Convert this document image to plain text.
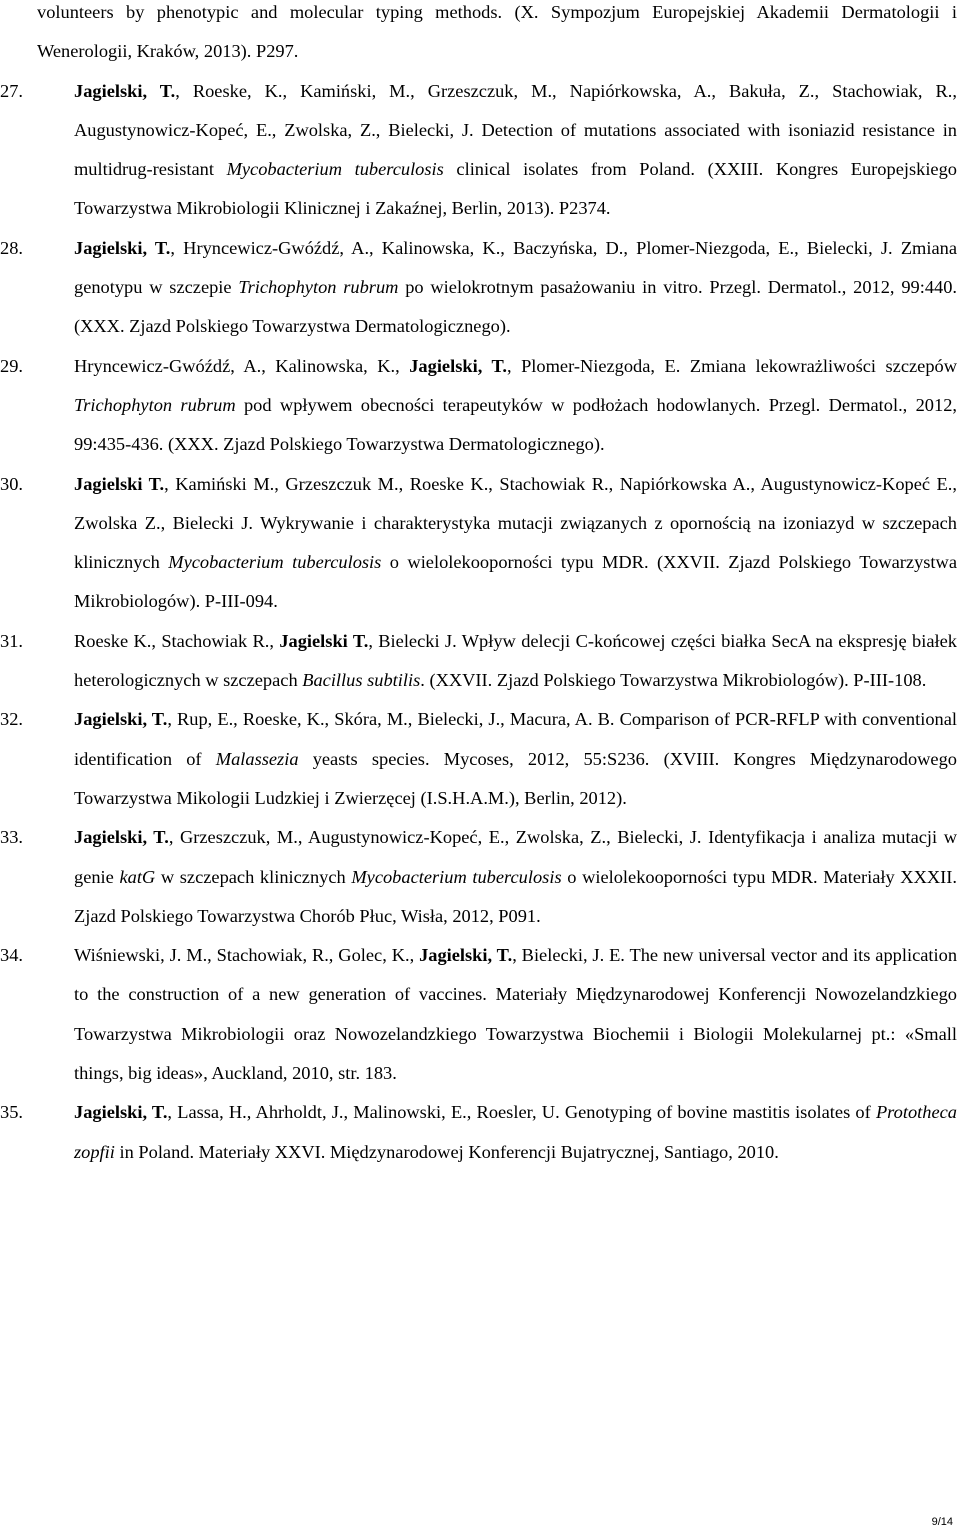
volunteers by phenotypic and molecular typing methods. (X. Sympozjum Europejskiej Akademii Dermatologii i Wenerologii, Kraków, 2013). P297.

27.	Jagielski, T., Roeske, K., Kamiński, M., Grzeszczuk, M., Napiórkowska, A., Bakuła, Z., Stachowiak, R., Augustynowicz-Kopeć, E., Zwolska, Z., Bielecki, J. Detection of mutations associated with isoniazid resistance in multidrug-resistant Mycobacterium tuberculosis clinical isolates from Poland. (XXIII. Kongres Europejskiego Towarzystwa Mikrobiologii Klinicznej i Zakaźnej, Berlin, 2013). P2374.
28.	Jagielski, T., Hryncewicz-Gwóźdź, A., Kalinowska, K., Baczyńska, D., Plomer-Niezgoda, E., Bielecki, J. Zmiana genotypu w szczepie Trichophyton rubrum po wielokrotnym pasażowaniu in vitro. Przegl. Dermatol., 2012, 99:440. (XXX. Zjazd Polskiego Towarzystwa Dermatologicznego).
29.	Hryncewicz-Gwóźdź, A., Kalinowska, K., Jagielski, T., Plomer-Niezgoda, E. Zmiana lekowrażliwości szczepów Trichophyton rubrum pod wpływem obecności terapeutyków w podłożach hodowlanych. Przegl. Dermatol., 2012, 99:435-436. (XXX. Zjazd Polskiego Towarzystwa Dermatologicznego).
30.	Jagielski T., Kamiński M., Grzeszczuk M., Roeske K., Stachowiak R., Napiórkowska A., Augustynowicz-Kopeć E., Zwolska Z., Bielecki J. Wykrywanie i charakterystyka mutacji związanych z opornością na izoniazyd w szczepach klinicznych Mycobacterium tuberculosis o wielolekooporności typu MDR. (XXVII. Zjazd Polskiego Towarzystwa Mikrobiologów). P-III-094.
31.	Roeske K., Stachowiak R., Jagielski T., Bielecki J. Wpływ delecji C-końcowej części białka SecA na ekspresję białek heterologicznych w szczepach Bacillus subtilis. (XXVII. Zjazd Polskiego Towarzystwa Mikrobiologów). P-III-108.
32.	Jagielski, T., Rup, E., Roeske, K., Skóra, M., Bielecki, J., Macura, A. B. Comparison of PCR-RFLP with conventional identification of Malassezia yeasts species. Mycoses, 2012, 55:S236. (XVIII. Kongres Międzynarodowego Towarzystwa Mikologii Ludzkiej i Zwierzęcej (I.S.H.A.M.), Berlin, 2012).
33.	Jagielski, T., Grzeszczuk, M., Augustynowicz-Kopeć, E., Zwolska, Z., Bielecki, J. Identyfikacja i analiza mutacji w genie katG w szczepach klinicznych Mycobacterium tuberculosis o wielolekooporności typu MDR. Materiały XXXII. Zjazd Polskiego Towarzystwa Chorób Płuc, Wisła, 2012, P091.
34.	Wiśniewski, J. M., Stachowiak, R., Golec, K., Jagielski, T., Bielecki, J. E. The new universal vector and its application to the construction of a new generation of vaccines. Materiały Międzynarodowej Konferencji Nowozelandzkiego Towarzystwa Mikrobiologii oraz Nowozelandzkiego Towarzystwa Biochemii i Biologii Molekularnej pt.: «Small things, big ideas», Auckland, 2010, str. 183.
35.	Jagielski, T., Lassa, H., Ahrholdt, J., Malinowski, E., Roesler, U. Genotyping of bovine mastitis isolates of Prototheca zopfii in Poland. Materiały XXVI. Międzynarodowej Konferencji Bujatrycznej, Santiago, 2010.
9/14
